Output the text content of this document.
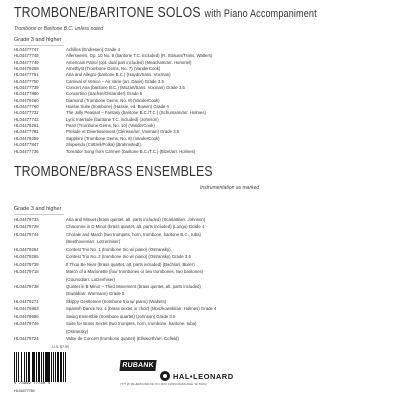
TROMBONE/BARITONE SOLOS with Piano Accompaniment
Trombone or Baritone B.C. unless noted
Grade 3 and higher
HL04477747	Achilles (Endresen) Grade 4
HL04477748	Allerseelen, Op. 10 No. 8 (baritone T.C. included) (R. Strauss/Trans. Walters)
HL04477749	Americain Patrol (opt. dual part included) (Meacham/arr. Hummel)
HL04479258	Amethyst (Trombone Gems, No. 7) (VanderCook)
HL04477751	Aria and Allegro (baritone B.C.) (Haydn/trans. Voxman)
HL04477750	Carnival of Venice – Air Varie (arr. Davis) Grade 3.5
HL04477739	Concert Aria (baritone B.C.) (Mozart/trans. Voxman) Grade 3.5
HL04477880	Concertino (Sachse/Ostrander) Grade 5
HL04479260	Diamond (Trombone Gems, No. 9) (VanderCook)
HL04477760	Hassie Suite (trombone) (Hassie, ed. Bowen) Grade 4
HL04477732	The Jolly Peasant – Fantasy (baritone B.C./T.C.) (Schumann/arr. Holmes)
HL04477742	Lyric Interlude (baritone T.C. included) (Johnson)
HL04479261	Pearl (Trombone Gems, No. 10) (VanderCook)
HL04477781	Prelude et Divertissement (Clérisse/arr. Voxman) Grade 3.5
HL04479259	Sapphire (Trombone Gems, No. 8) (VanderCook)
HL04477847	Slopiendo (Cottrell/Polka) (Brahmstedt)
HL04477736	Toreador Song from Carmen (baritone B.C./T.C.) (Bizet/arr. Holmes)
TROMBONE/BRASS ENSEMBLES
Instrumentation as marked
Grade 3 and higher
HL04479733	Aria and Minuet (brass quintet, alt. parts included) (Scarlatti/arr. Johnson)
HL04479728	Chaconne in D Minor (brass quartet, alt. parts included) (Longo) Grade 4
HL04479744	Chorale and March (two trumpets, horn, trombone, baritone B.C., tuba)
(Beethoven/arr. Lotzenhiser)
HL04479264	Contest Trio No. 1 (trombone trio w/ piano) (Ostransky)
HL04479265	Contest Trio No. 2 (trombone trio w/ piano) (Ostransky) Grade 3.5
HL04479738	If Thou Be Near (brass quartet, alt. parts included) (Bach/arr. Bixler)
HL04479718	March of a Marionette (four trombones or two trombones, two baritones)
(Gounod/arr. Lotzenhiser)
HL04479738	Quintet in B Minor – Third Movement (brass quintet, alt. parts included)
(Ewald/arr. Wormann) Grade 5
HL04479271	Skippy Gentlemen (trombone trio w/ piano) (Walters)
HL04479863	Spanish Dance No. 4 (brass sextet or choir) (Moszkowski/arr. Holmes) Grade 4
HL04479696	Swing Ensemble (trombone quartet) (Johnson) Grade 3.5
HL04479749	Suite for Brass Sextet (two trumpets, horn, trombone, baritone, tuba)
(Ostransky)
HL04479724	Valse de Concert (trombone quartet) (Ellsworth/arr. Cofield)
U.S. $7.99
0 73999 77760 4
HL04477760
RUBANK
HAL•LEONARD
7777 W. BLUEMOUND RD. P.O. BOX 13819 MILWAUKEE, WI 53213
